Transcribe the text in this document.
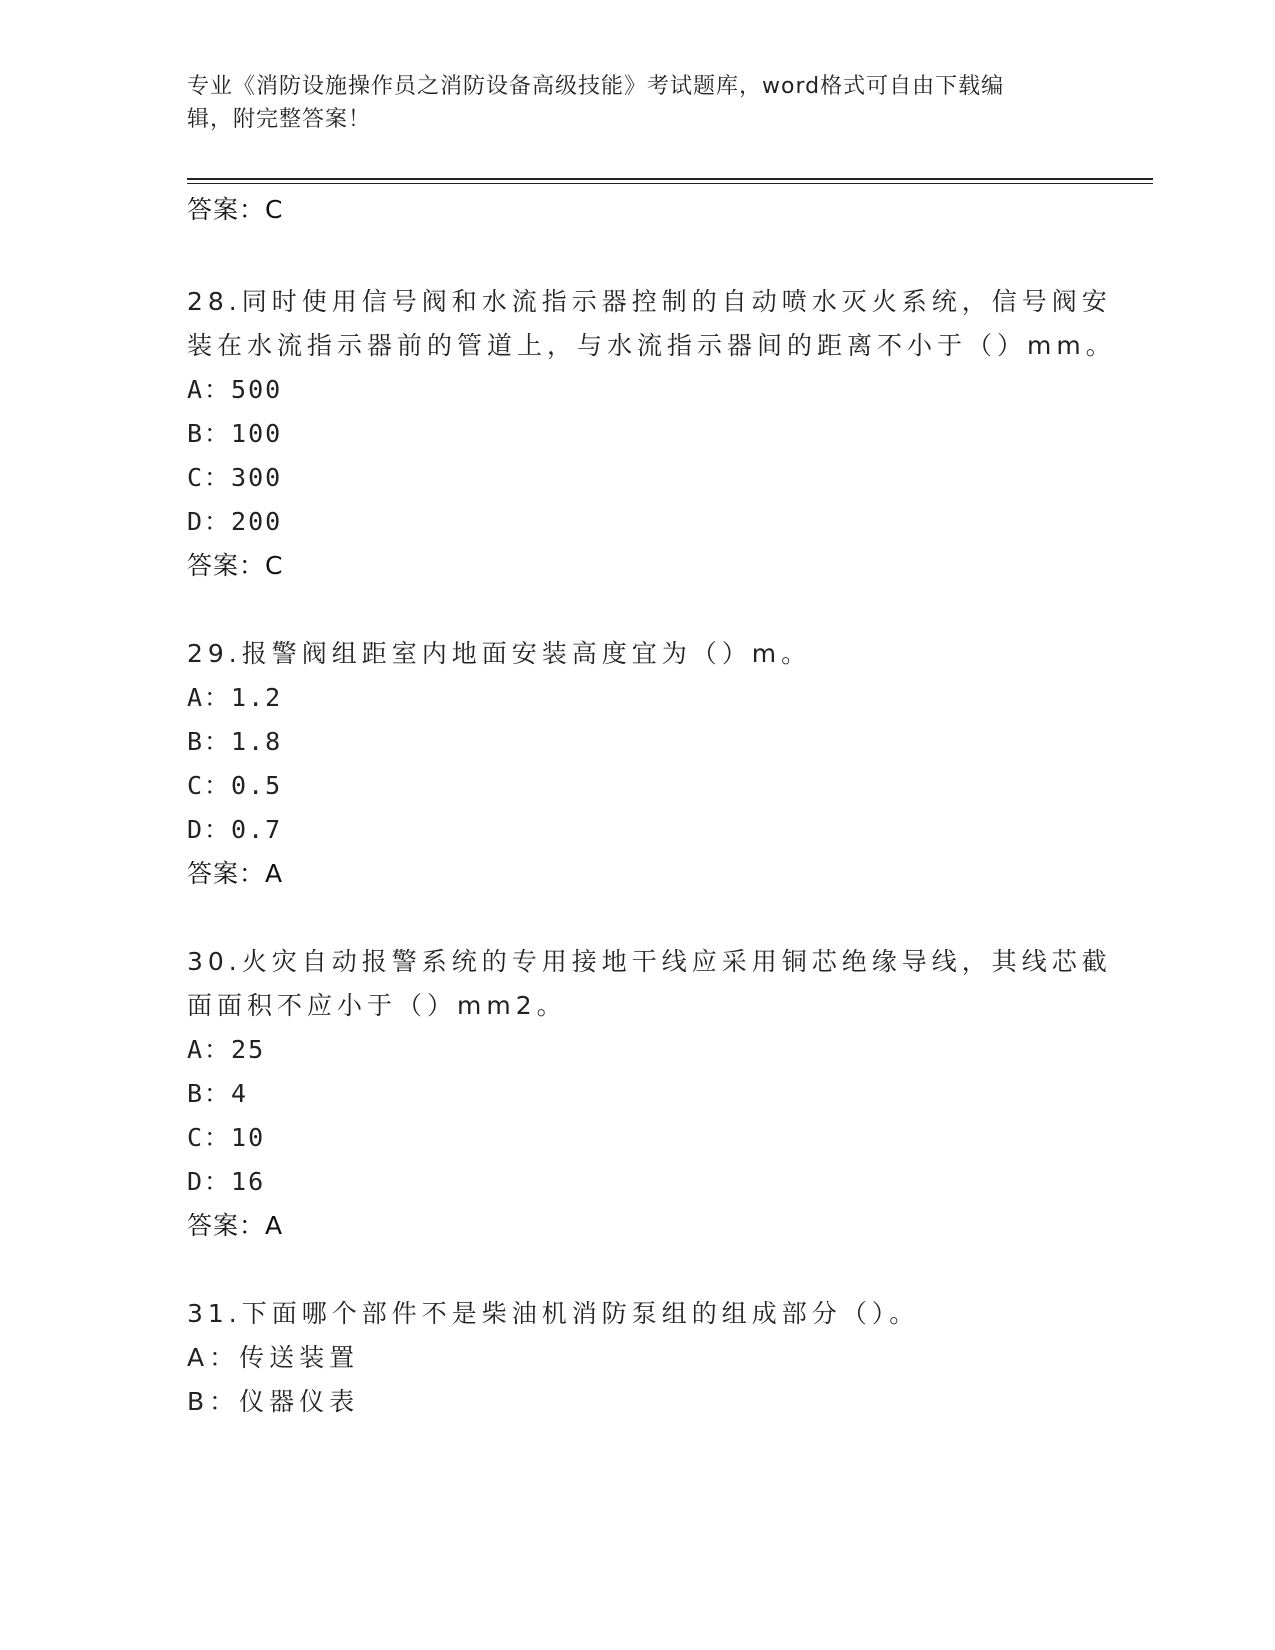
专业《消防设施操作员之消防设备高级技能》考试题库，word格式可自由下载编
辑，附完整答案！
答案：C
28.同时使用信号阀和水流指示器控制的自动喷水灭火系统，信号阀安
装在水流指示器前的管道上，与水流指示器间的距离不小于（）mm。
A：500
B：100
C：300
D：200
答案：C
29.报警阀组距室内地面安装高度宜为（）m。
A：1.2
B：1.8
C：0.5
D：0.7
答案：A
30.火灾自动报警系统的专用接地干线应采用铜芯绝缘导线，其线芯截
面面积不应小于（）mm2。
A：25
B：4
C：10
D：16
答案：A
31.下面哪个部件不是柴油机消防泵组的组成部分（）。
A：传送装置
B：仪器仪表
